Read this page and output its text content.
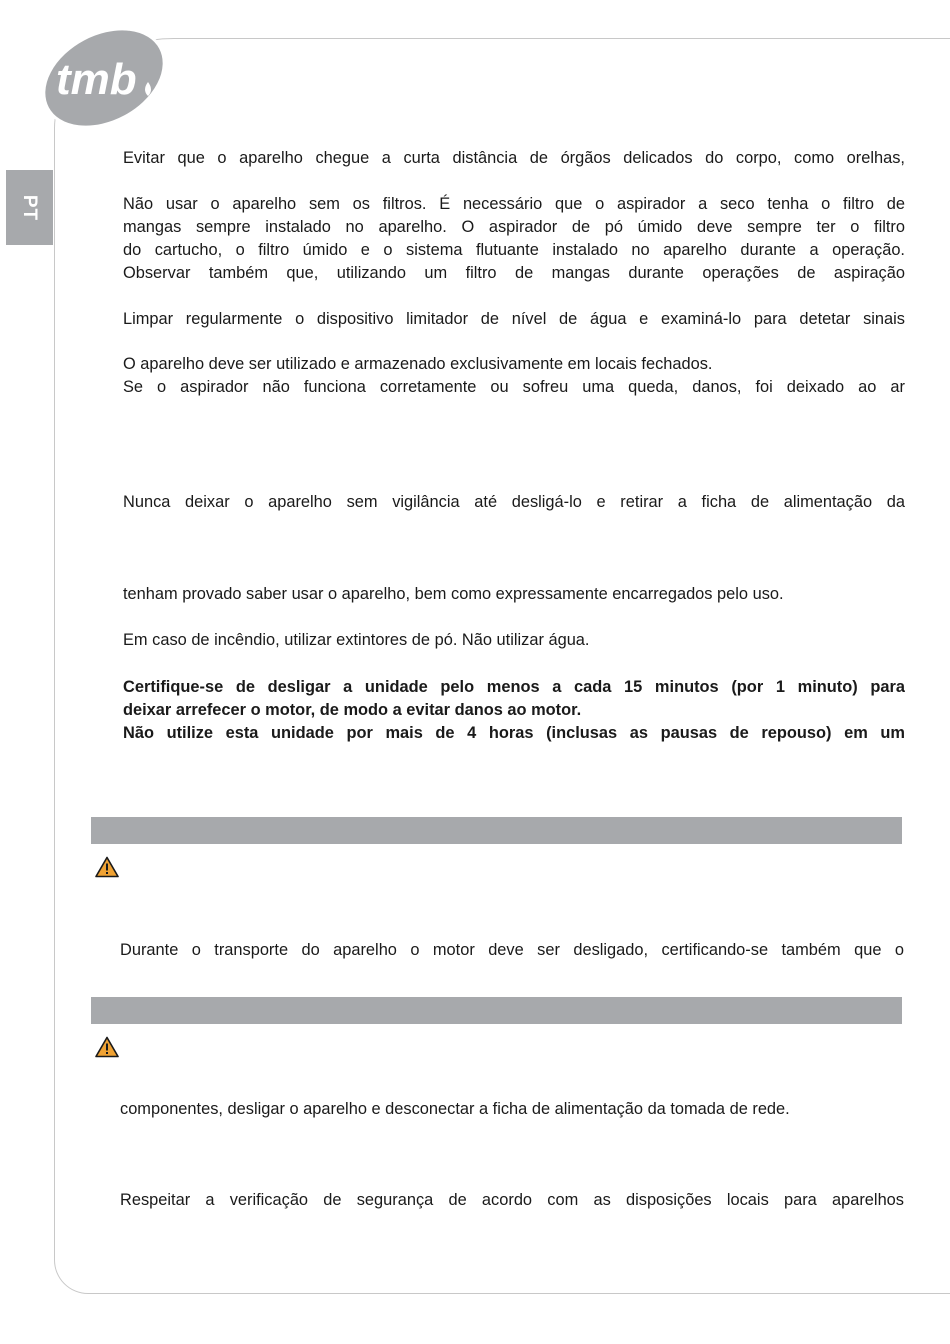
tmb
PT
Evitar que o aparelho chegue a curta distância de órgãos delicados do corpo, como orelhas,
Não usar o aparelho sem os filtros. É necessário que o aspirador a seco tenha o filtro de
mangas sempre instalado no aparelho. O aspirador de pó úmido deve sempre ter o filtro
do cartucho, o filtro úmido e o sistema flutuante instalado no aparelho durante a operação.
Observar também que, utilizando um filtro de mangas durante operações de aspiração
Limpar regularmente o dispositivo limitador de nível de água e examiná-lo para detetar sinais
O aparelho deve ser utilizado e armazenado exclusivamente em locais fechados.
Se o aspirador não funciona corretamente ou sofreu uma queda, danos, foi deixado ao ar
Nunca deixar o aparelho sem vigilância até desligá-lo e retirar a ficha de alimentação da
tenham provado saber usar o aparelho, bem como expressamente encarregados pelo uso.
Em caso de incêndio, utilizar extintores de pó. Não utilizar água.
Certifique-se de desligar a unidade pelo menos a cada 15 minutos (por 1 minuto) para
deixar arrefecer o motor, de modo a evitar danos ao motor.
Não utilize esta unidade por mais de 4 horas (inclusas as pausas de repouso) em um
Durante o transporte do aparelho o motor deve ser desligado, certificando-se também que o
componentes, desligar o aparelho e desconectar a ficha de alimentação da tomada de rede.
Respeitar a verificação de segurança de acordo com as disposições locais para aparelhos
